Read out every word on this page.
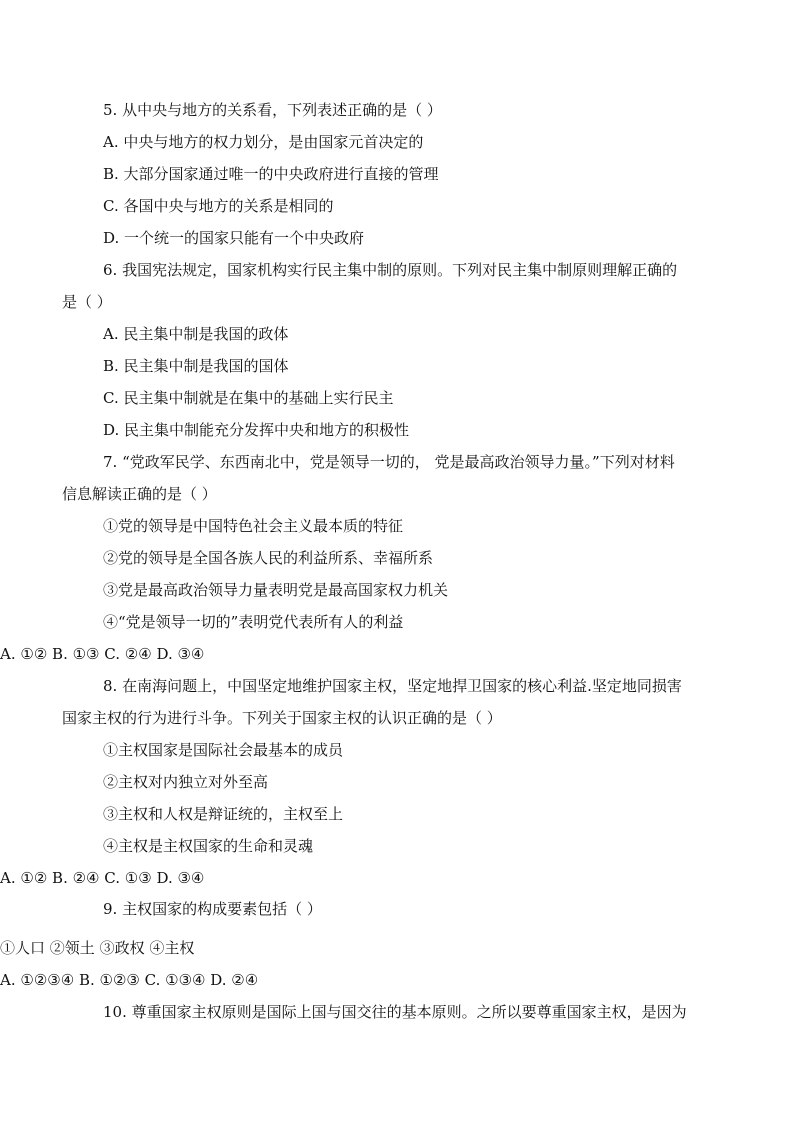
5. 从中央与地方的关系看，下列表述正确的是（ ）
A. 中央与地方的权力划分，是由国家元首决定的
B. 大部分国家通过唯一的中央政府进行直接的管理
C. 各国中央与地方的关系是相同的
D. 一个统一的国家只能有一个中央政府
6. 我国宪法规定，国家机构实行民主集中制的原则。下列对民主集中制原则理解正确的
是（ ）
A. 民主集中制是我国的政体
B. 民主集中制是我国的国体
C. 民主集中制就是在集中的基础上实行民主
D. 民主集中制能充分发挥中央和地方的积极性
7. “党政军民学、东西南北中，党是领导一切的， 党是最高政治领导力量。”下列对材料
信息解读正确的是（ ）
①党的领导是中国特色社会主义最本质的特征
②党的领导是全国各族人民的利益所系、幸福所系
③党是最高政治领导力量表明党是最高国家权力机关
④“党是领导一切的”表明党代表所有人的利益
A. ①② B. ①③ C. ②④ D. ③④
8. 在南海问题上，中国坚定地维护国家主权，坚定地捍卫国家的核心利益.坚定地同损害
国家主权的行为进行斗争。下列关于国家主权的认识正确的是（ ）
①主权国家是国际社会最基本的成员
②主权对内独立对外至高
③主权和人权是辩证统的，主权至上
④主权是主权国家的生命和灵魂
A. ①② B. ②④ C. ①③ D. ③④
9. 主权国家的构成要素包括（ ）
①人口 ②领土 ③政权 ④主权
A. ①②③④ B. ①②③ C. ①③④ D. ②④
10. 尊重国家主权原则是国际上国与国交往的基本原则。之所以要尊重国家主权，是因为
